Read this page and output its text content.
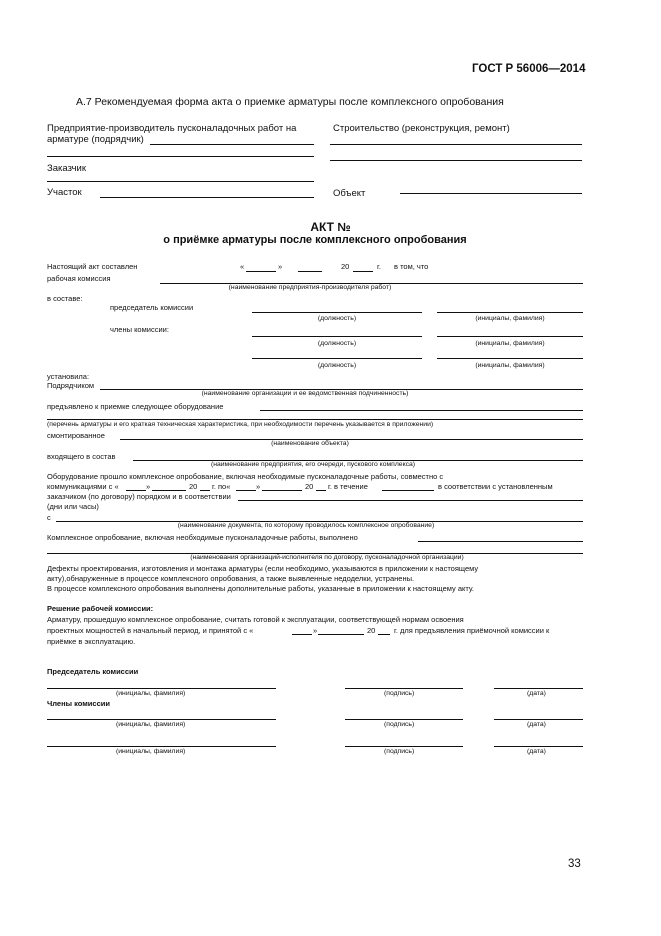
ГОСТ Р 56006—2014
А.7 Рекомендуемая форма акта о приемке арматуры после комплексного опробования
Предприятие-производитель пусконаладочных работ на
арматуре (подрядчик)
Строительство (реконструкция, ремонт)
Заказчик
Участок	Объект
АКТ №
о приёмке арматуры после комплексного опробования
Настоящий акт составлен	«	»	20	г. в том, что
рабочая комиссия
(наименование предприятия-производителя работ)
в составе:
председатель комиссии
(должность)	(инициалы, фамилия)
члены комиссии:
(должность)	(инициалы, фамилия)
(должность)	(инициалы, фамилия)
установила:
Подрядчиком
(наименование организации и ее ведомственная подчиненность)
предъявлено к приемке следующее оборудование
(перечень арматуры и его краткая техническая характеристика, при необходимости перечень указывается в приложении)
смонтированное
(наименование объекта)
входящего в состав
(наименование предприятия, его очереди, пускового комплекса)
Оборудование прошло комплексное опробование, включая необходимые пусконаладочные работы, совместно с
коммуникациями с «	»	20 г. по«	»	20 г. в течение	в соответствии с установленным
заказчиком (по договору) порядком и в соответствии
(дни или часы)
с
(наименование документа, по которому проводилось комплексное опробование)
Комплексное опробование, включая необходимые пусконаладочные работы, выполнено
(наименования организаций-исполнителя по договору, пусконаладочной организации)
Дефекты проектирования, изготовления и монтажа арматуры (если необходимо, указываются в приложении к настоящему
акту),обнаруженные в процессе комплексного опробования, а также выявленные недоделки, устранены.
В процессе комплексного опробования выполнены дополнительные работы, указанные в приложении к настоящему акту.
Решение рабочей комиссии:
Арматуру, прошедшую комплексное опробование, считать готовой к эксплуатации, соответствующей нормам освоения
проектных мощностей в начальный период, и принятой с «	»	20 г. для предъявления приёмочной комиссии к
приёмке в эксплуатацию.
Председатель комиссии
(инициалы, фамилия)	(подпись)	(дата)
Члены комиссии
(инициалы, фамилия)	(подпись)	(дата)
(инициалы, фамилия)	(подпись)	(дата)
33
